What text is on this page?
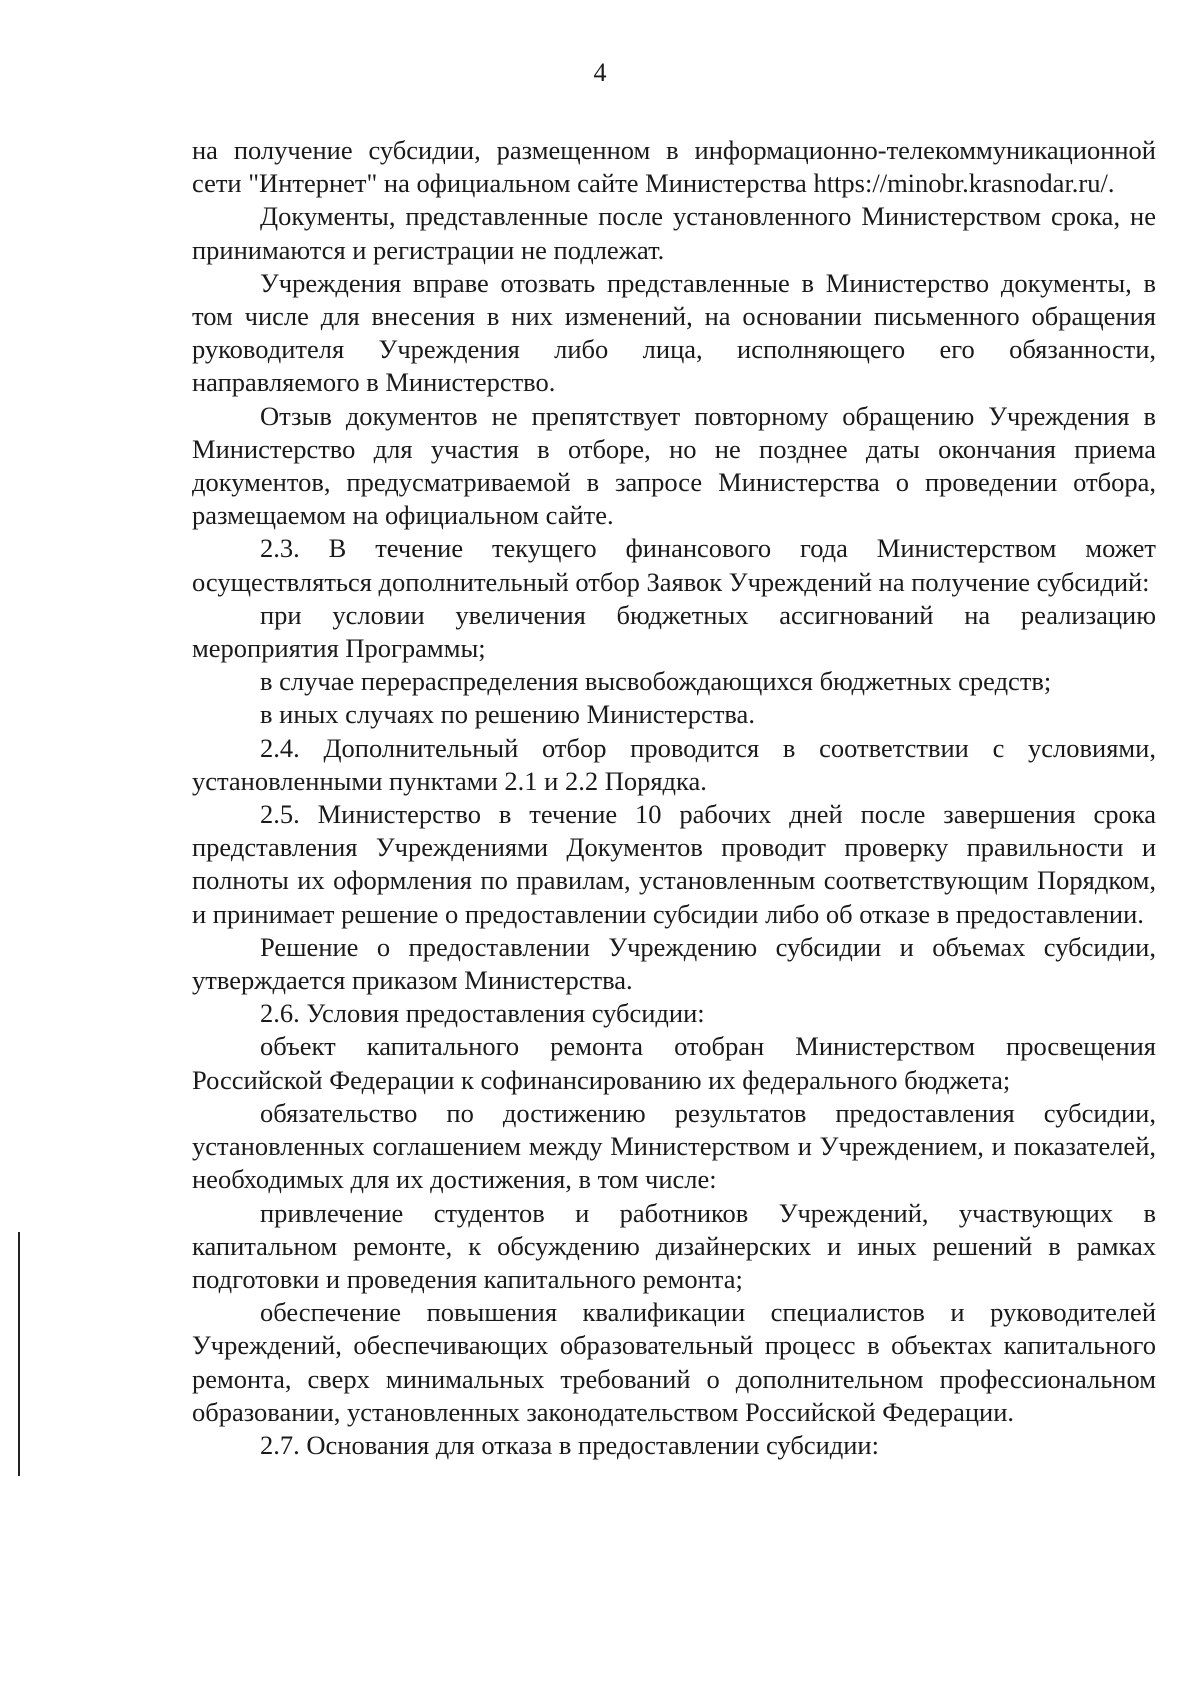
4

на получение субсидии, размещенном в информационно-телекоммуникационной сети "Интернет" на официальном сайте Министерства https://minobr.krasnodar.ru/.

Документы, представленные после установленного Министерством срока, не принимаются и регистрации не подлежат.

Учреждения вправе отозвать представленные в Министерство документы, в том числе для внесения в них изменений, на основании письменного обращения руководителя Учреждения либо лица, исполняющего его обязанности, направляемого в Министерство.

Отзыв документов не препятствует повторному обращению Учреждения в Министерство для участия в отборе, но не позднее даты окончания приема документов, предусматриваемой в запросе Министерства о проведении отбора, размещаемом на официальном сайте.

2.3. В течение текущего финансового года Министерством может осуществляться дополнительный отбор Заявок Учреждений на получение субсидий:

при условии увеличения бюджетных ассигнований на реализацию мероприятия Программы;

в случае перераспределения высвобождающихся бюджетных средств;

в иных случаях по решению Министерства.

2.4. Дополнительный отбор проводится в соответствии с условиями, установленными пунктами 2.1 и 2.2 Порядка.

2.5. Министерство в течение 10 рабочих дней после завершения срока представления Учреждениями Документов проводит проверку правильности и полноты их оформления по правилам, установленным соответствующим Порядком, и принимает решение о предоставлении субсидии либо об отказе в предоставлении.

Решение о предоставлении Учреждению субсидии и объемах субсидии, утверждается приказом Министерства.

2.6. Условия предоставления субсидии:

объект капитального ремонта отобран Министерством просвещения Российской Федерации к софинансированию их федерального бюджета;

обязательство по достижению результатов предоставления субсидии, установленных соглашением между Министерством и Учреждением, и показателей, необходимых для их достижения, в том числе:

привлечение студентов и работников Учреждений, участвующих в капитальном ремонте, к обсуждению дизайнерских и иных решений в рамках подготовки и проведения капитального ремонта;

обеспечение повышения квалификации специалистов и руководителей Учреждений, обеспечивающих образовательный процесс в объектах капитального ремонта, сверх минимальных требований о дополнительном профессиональном образовании, установленных законодательством Российской Федерации.

2.7. Основания для отказа в предоставлении субсидии:
